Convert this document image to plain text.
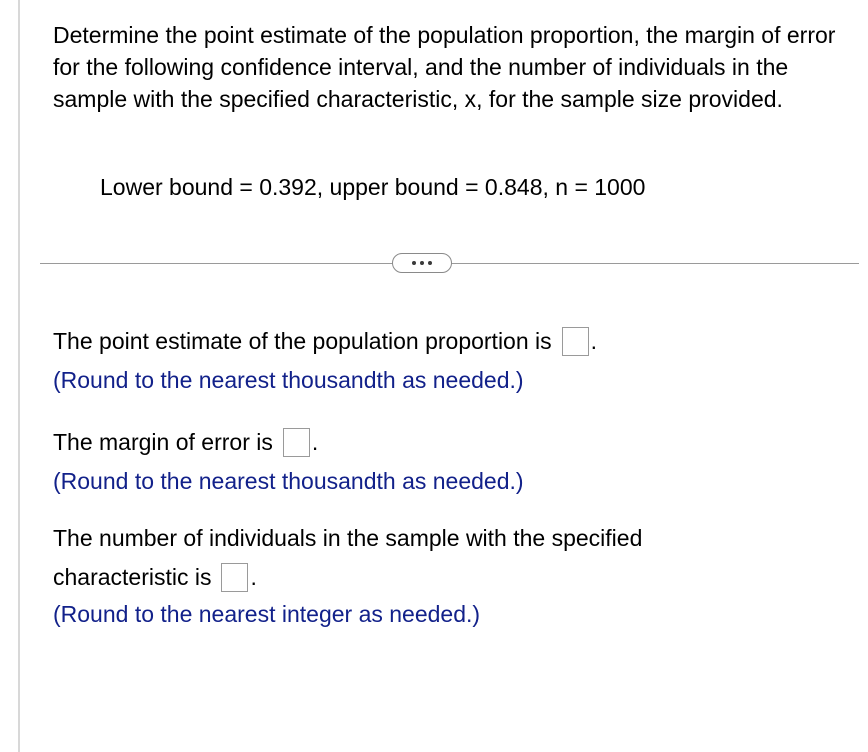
Determine the point estimate of the population proportion, the margin of error for the following confidence interval, and the number of individuals in the sample with the specified characteristic, x, for the sample size provided.
Lower bound = 0.392, upper bound = 0.848, n = 1000
The point estimate of the population proportion is .
(Round to the nearest thousandth as needed.)
The margin of error is .
(Round to the nearest thousandth as needed.)
The number of individuals in the sample with the specified
characteristic is .
(Round to the nearest integer as needed.)
